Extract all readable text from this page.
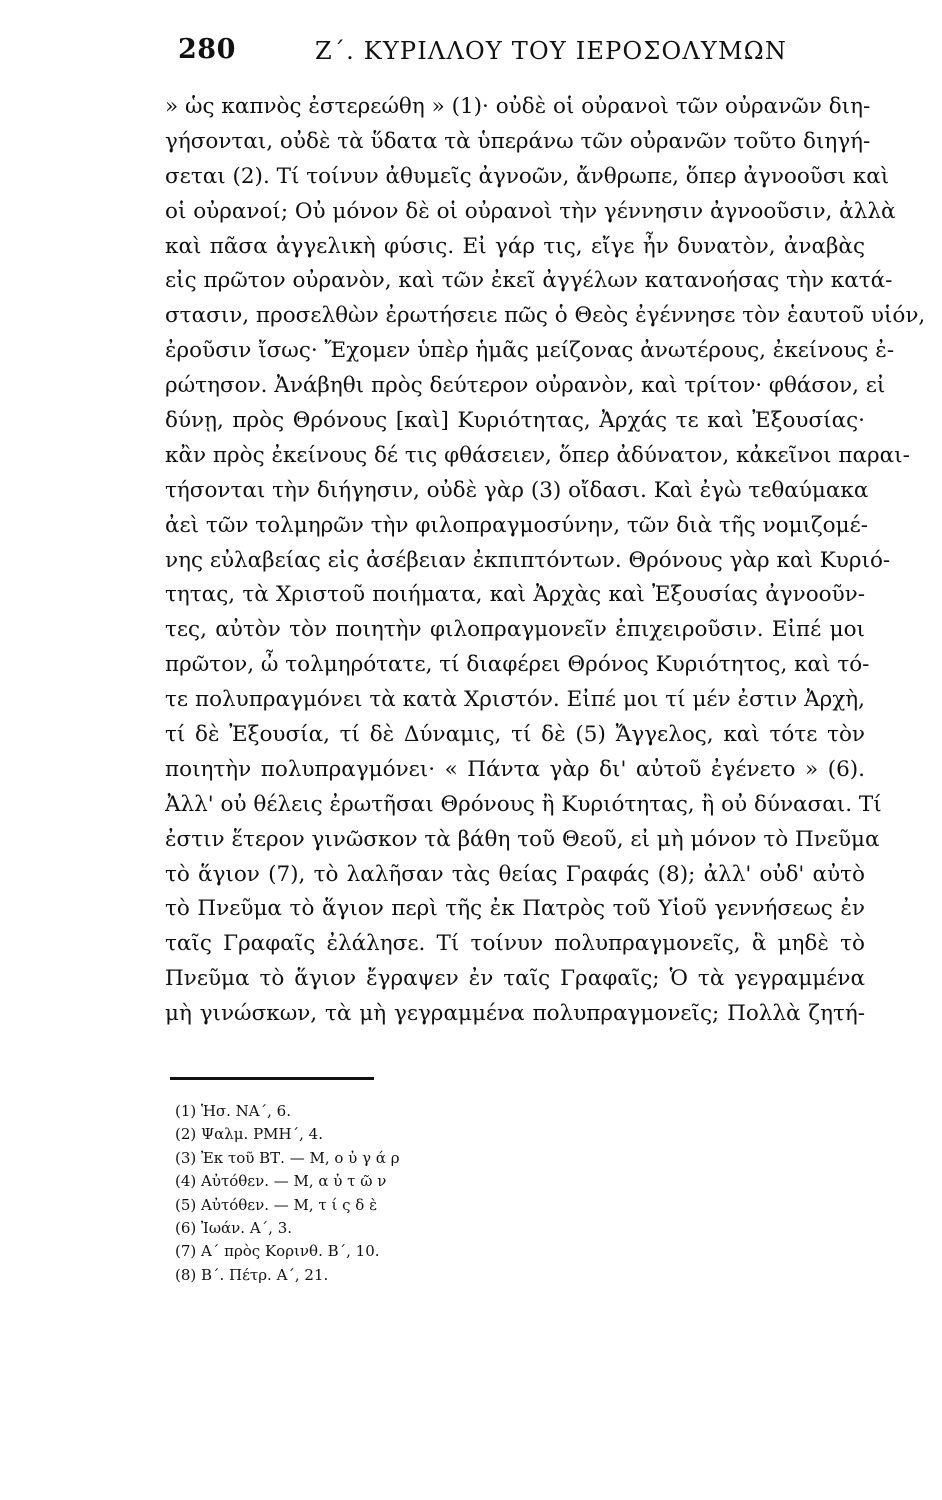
280	Ζ΄. ΚΥΡΙΛΛΟΥ ΤΟΥ ΙΕΡΟΣΟΛΥΜΩΝ
» ὡς καπνὸς ἐστερεώθη » (1)· οὐδὲ οἱ οὐρανοὶ τῶν οὐρανῶν διη-
γήσονται, οὐδὲ τὰ ὕδατα τὰ ὑπεράνω τῶν οὐρανῶν τοῦτο διηγή-
σεται (2). Τί τοίνυν ἀθυμεῖς ἀγνοῶν, ἄνθρωπε, ὅπερ ἀγνοοῦσι καὶ
οἱ οὐρανοί; Οὐ μόνον δὲ οἱ οὐρανοὶ τὴν γέννησιν ἀγνοοῦσιν, ἀλλὰ
καὶ πᾶσα ἀγγελικὴ φύσις. Εἰ γάρ τις, εἴγε ἦν δυνατὸν, ἀναβὰς
εἰς πρῶτον οὐρανὸν, καὶ τῶν ἐκεῖ ἀγγέλων κατανοήσας τὴν κατά-
στασιν, προσελθὼν ἐρωτήσειε πῶς ὁ Θεὸς ἐγέννησε τὸν ἑαυτοῦ υἱόν,
ἐροῦσιν ἴσως· Ἔχομεν ὑπὲρ ἡμᾶς μείζονας ἀνωτέρους, ἐκείνους ἐ-
ρώτησον. Ἀνάβηθι πρὸς δεύτερον οὐρανὸν, καὶ τρίτον· φθάσον, εἰ
δύνῃ, πρὸς Θρόνους [καὶ] Κυριότητας, Ἀρχάς τε καὶ Ἐξουσίας·
κἂν πρὸς ἐκείνους δέ τις φθάσειεν, ὅπερ ἀδύνατον, κἀκεῖνοι παραι-
τήσονται τὴν διήγησιν, οὐδὲ γὰρ (3) οἴδασι. Καὶ ἐγὼ τεθαύμακα
ἀεὶ τῶν τολμηρῶν τὴν φιλοπραγμοσύνην, τῶν διὰ τῆς νομιζομέ-
νης εὐλαβείας εἰς ἀσέβειαν ἐκπιπτόντων. Θρόνους γὰρ καὶ Κυριό-
τητας, τὰ Χριστοῦ ποιήματα, καὶ Ἀρχὰς καὶ Ἐξουσίας ἀγνοοῦν-
τες, αὐτὸν τὸν ποιητὴν φιλοπραγμονεῖν ἐπιχειροῦσιν. Εἰπέ μοι
πρῶτον, ὦ τολμηρότατε, τί διαφέρει Θρόνος Κυριότητος, καὶ τό-
τε πολυπραγμόνει τὰ κατὰ Χριστόν. Εἰπέ μοι τί μέν ἐστιν Ἀρχὴ,
τί δὲ Ἐξουσία, τί δὲ Δύναμις, τί δὲ (5) Ἄγγελος, καὶ τότε τὸν
ποιητὴν πολυπραγμόνει· « Πάντα γὰρ δι' αὐτοῦ ἐγένετο » (6).
Ἀλλ' οὐ θέλεις ἐρωτῆσαι Θρόνους ἢ Κυριότητας, ἢ οὐ δύνασαι. Τί
ἐστιν ἕτερον γινῶσκον τὰ βάθη τοῦ Θεοῦ, εἰ μὴ μόνον τὸ Πνεῦμα
τὸ ἅγιον (7), τὸ λαλῆσαν τὰς θείας Γραφάς (8); ἀλλ' οὐδ' αὐτὸ
τὸ Πνεῦμα τὸ ἅγιον περὶ τῆς ἐκ Πατρὸς τοῦ Υἱοῦ γεννήσεως ἐν
ταῖς Γραφαῖς ἐλάλησε. Τί τοίνυν πολυπραγμονεῖς, ἃ μηδὲ τὸ
Πνεῦμα τὸ ἅγιον ἔγραψεν ἐν ταῖς Γραφαῖς; Ὁ τὰ γεγραμμένα
μὴ γινώσκων, τὰ μὴ γεγραμμένα πολυπραγμονεῖς; Πολλὰ ζητή-
(1) Ἡσ. ΝΑ΄, 6.
(2) Ψαλμ. ΡΜΗ΄, 4.
(3) Ἐκ τοῦ ΒΤ. — Μ, ο ὐ γ ά ρ
(4) Αὐτόθεν. — Μ, α ὐ τ ῶ ν
(5) Αὐτόθεν. — Μ, τ ί ς δ ὲ
(6) Ἰωάν. Α΄, 3.
(7) Α΄ πρὸς Κορινθ. Β΄, 10.
(8) Β΄. Πέτρ. Α΄, 21.
